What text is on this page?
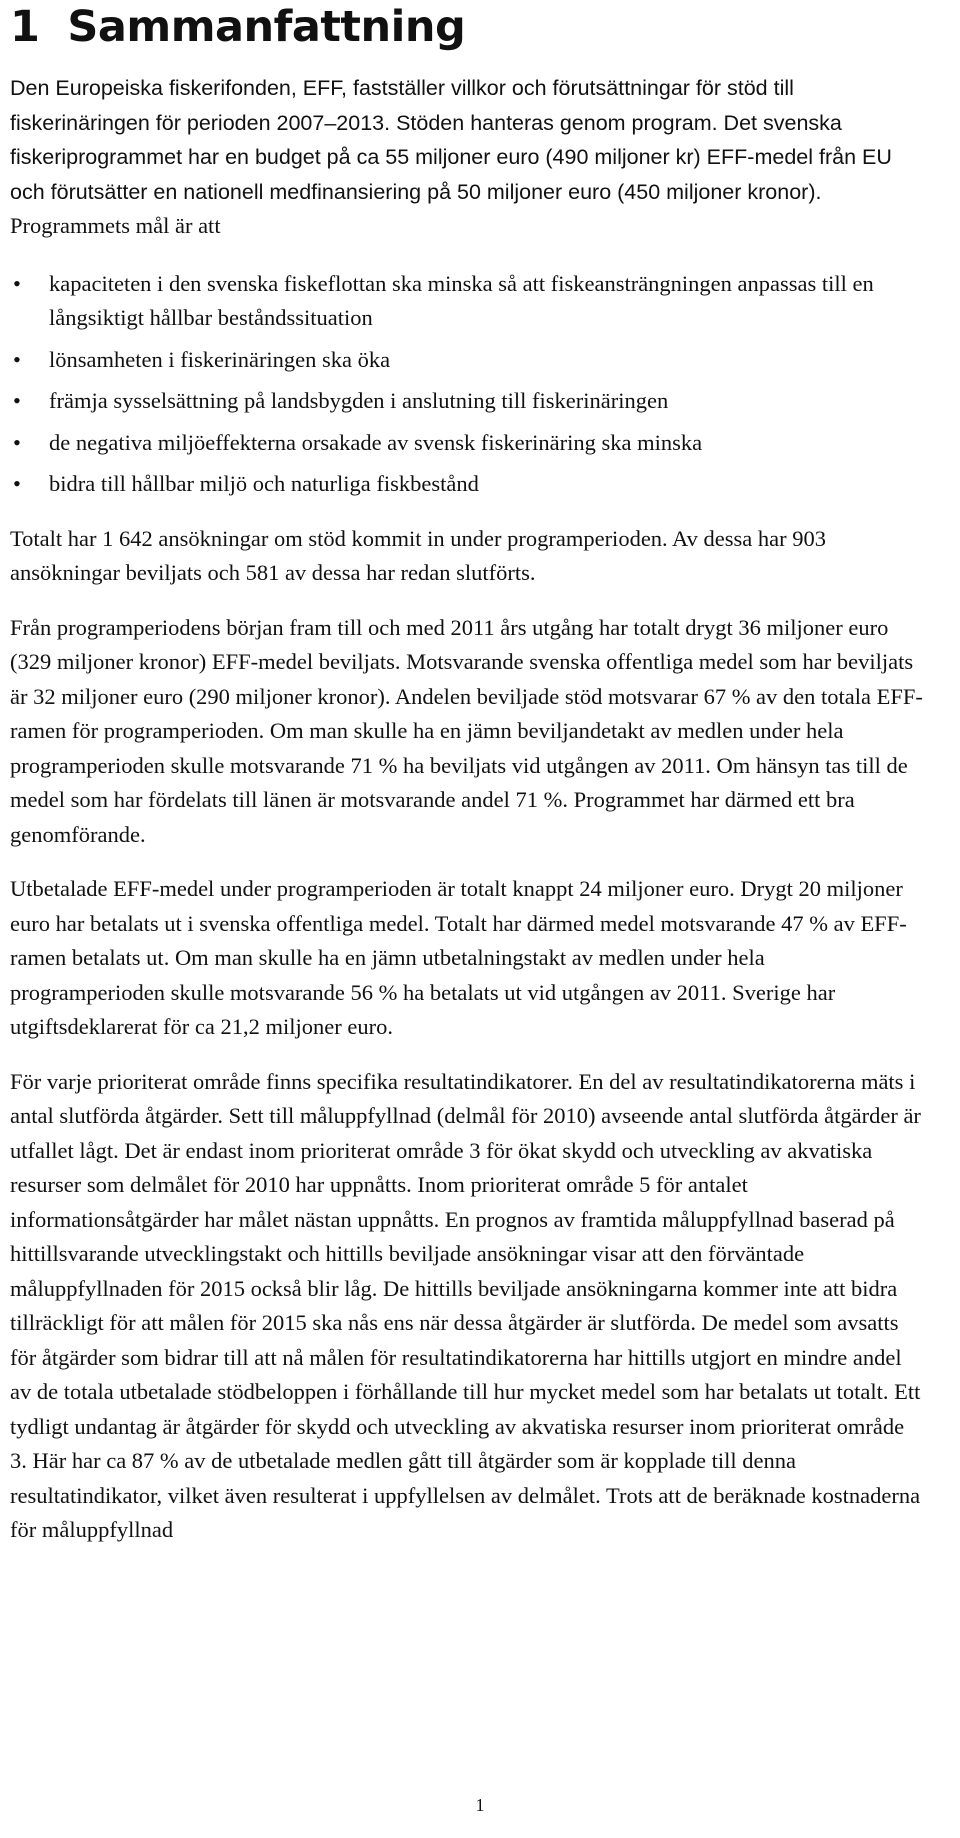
1 Sammanfattning

Den Europeiska fiskerifonden, EFF, fastställer villkor och förutsättningar för stöd till fiskerinäringen för perioden 2007–2013. Stöden hanteras genom program. Det svenska fiskeriprogrammet har en budget på ca 55 miljoner euro (490 miljoner kr) EFF-medel från EU och förutsätter en nationell medfinansiering på 50 miljoner euro (450 miljoner kronor). Programmets mål är att

• kapaciteten i den svenska fiskeflottan ska minska så att fiskeansträngningen anpassas till en långsiktigt hållbar beståndssituation
• lönsamheten i fiskerinäringen ska öka
• främja sysselsättning på landsbygden i anslutning till fiskerinäringen
• de negativa miljöeffekterna orsakade av svensk fiskerinäring ska minska
• bidra till hållbar miljö och naturliga fiskbestånd

Totalt har 1 642 ansökningar om stöd kommit in under programperioden. Av dessa har 903 ansökningar beviljats och 581 av dessa har redan slutförts.

Från programperiodens början fram till och med 2011 års utgång har totalt drygt 36 miljoner euro (329 miljoner kronor) EFF-medel beviljats. Motsvarande svenska offentliga medel som har beviljats är 32 miljoner euro (290 miljoner kronor). Andelen beviljade stöd motsvarar 67 % av den totala EFF-ramen för programperioden. Om man skulle ha en jämn beviljandetakt av medlen under hela programperioden skulle motsvarande 71 % ha beviljats vid utgången av 2011. Om hänsyn tas till de medel som har fördelats till länen är motsvarande andel 71 %. Programmet har därmed ett bra genomförande.

Utbetalade EFF-medel under programperioden är totalt knappt 24 miljoner euro. Drygt 20 miljoner euro har betalats ut i svenska offentliga medel. Totalt har därmed medel motsvarande 47 % av EFF-ramen betalats ut. Om man skulle ha en jämn utbetalningstakt av medlen under hela programperioden skulle motsvarande 56 % ha betalats ut vid utgången av 2011. Sverige har utgiftsdeklarerat för ca 21,2 miljoner euro.

För varje prioriterat område finns specifika resultatindikatorer. En del av resultatindikatorerna mäts i antal slutförda åtgärder. Sett till måluppfyllnad (delmål för 2010) avseende antal slutförda åtgärder är utfallet lågt. Det är endast inom prioriterat område 3 för ökat skydd och utveckling av akvatiska resurser som delmålet för 2010 har uppnåtts. Inom prioriterat område 5 för antalet informationsåtgärder har målet nästan uppnåtts. En prognos av framtida måluppfyllnad baserad på hittillsvarande utvecklingstakt och hittills beviljade ansökningar visar att den förväntade måluppfyllnaden för 2015 också blir låg. De hittills beviljade ansökningarna kommer inte att bidra tillräckligt för att målen för 2015 ska nås ens när dessa åtgärder är slutförda. De medel som avsatts för åtgärder som bidrar till att nå målen för resultatindikatorerna har hittills utgjort en mindre andel av de totala utbetalade stödbeloppen i förhållande till hur mycket medel som har betalats ut totalt. Ett tydligt undantag är åtgärder för skydd och utveckling av akvatiska resurser inom prioriterat område 3. Här har ca 87 % av de utbetalade medlen gått till åtgärder som är kopplade till denna resultatindikator, vilket även resulterat i uppfyllelsen av delmålet. Trots att de beräknade kostnaderna för måluppfyllnad

1
